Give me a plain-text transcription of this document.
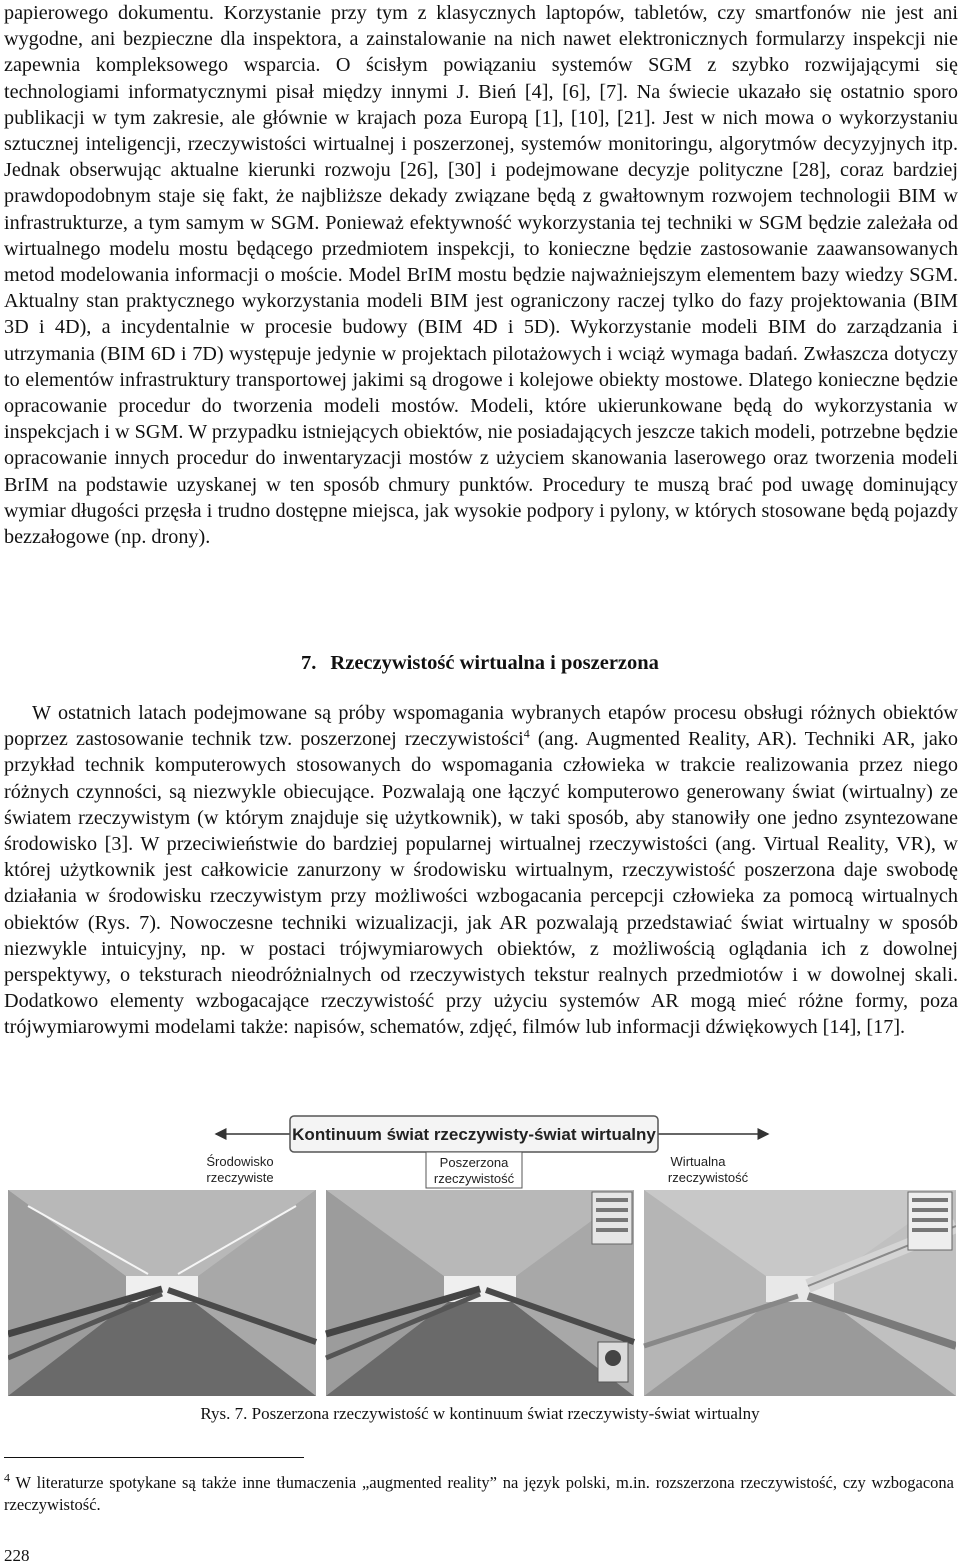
papierowego dokumentu. Korzystanie przy tym z klasycznych laptopów, tabletów, czy smartfonów nie jest ani wygodne, ani bezpieczne dla inspektora, a zainstalowanie na nich nawet elektronicznych formularzy inspekcji nie zapewnia kompleksowego wsparcia. O ścisłym powiązaniu systemów SGM z szybko rozwijającymi się technologiami informatycznymi pisał między innymi J. Bień [4], [6], [7]. Na świecie ukazało się ostatnio sporo publikacji w tym zakresie, ale głównie w krajach poza Europą [1], [10], [21]. Jest w nich mowa o wykorzystaniu sztucznej inteligencji, rzeczywistości wirtualnej i poszerzonej, systemów monitoringu, algorytmów decyzyjnych itp. Jednak obserwując aktualne kierunki rozwoju [26], [30] i podejmowane decyzje polityczne [28], coraz bardziej prawdopodobnym staje się fakt, że najbliższe dekady związane będą z gwałtownym rozwojem technologii BIM w infrastrukturze, a tym samym w SGM. Ponieważ efektywność wykorzystania tej techniki w SGM będzie zależała od wirtualnego modelu mostu będącego przedmiotem inspekcji, to konieczne będzie zastosowanie zaawansowanych metod modelowania informacji o moście. Model BrIM mostu będzie najważniejszym elementem bazy wiedzy SGM. Aktualny stan praktycznego wykorzystania modeli BIM jest ograniczony raczej tylko do fazy projektowania (BIM 3D i 4D), a incydentalnie w procesie budowy (BIM 4D i 5D). Wykorzystanie modeli BIM do zarządzania i utrzymania (BIM 6D i 7D) występuje jedynie w projektach pilotażowych i wciąż wymaga badań. Zwłaszcza dotyczy to elementów infrastruktury transportowej jakimi są drogowe i kolejowe obiekty mostowe. Dlatego konieczne będzie opracowanie procedur do tworzenia modeli mostów. Modeli, które ukierunkowane będą do wykorzystania w inspekcjach i w SGM. W przypadku istniejących obiektów, nie posiadających jeszcze takich modeli, potrzebne będzie opracowanie innych procedur do inwentaryzacji mostów z użyciem skanowania laserowego oraz tworzenia modeli BrIM na podstawie uzyskanej w ten sposób chmury punktów. Procedury te muszą brać pod uwagę dominujący wymiar długości przęsła i trudno dostępne miejsca, jak wysokie podpory i pylony, w których stosowane będą pojazdy bezzałogowe (np. drony).

7. Rzeczywistość wirtualna i poszerzona

W ostatnich latach podejmowane są próby wspomagania wybranych etapów procesu obsługi różnych obiektów poprzez zastosowanie technik tzw. poszerzonej rzeczywistości$^4$ (ang. Augmented Reality, AR). Techniki AR, jako przykład technik komputerowych stosowanych do wspomagania człowieka w trakcie realizowania przez niego różnych czynności, są niezwykle obiecujące. Pozwalają one łączyć komputerowo generowany świat (wirtualny) ze światem rzeczywistym (w którym znajduje się użytkownik), w taki sposób, aby stanowiły one jedno zsyntezowane środowisko [3]. W przeciwieństwie do bardziej popularnej wirtualnej rzeczywistości (ang. Virtual Reality, VR), w której użytkownik jest całkowicie zanurzony w środowisku wirtualnym, rzeczywistość poszerzona daje swobodę działania w środowisku rzeczywistym przy możliwości wzbogacania percepcji człowieka za pomocą wirtualnych obiektów (Rys. 7). Nowoczesne techniki wizualizacji, jak AR pozwalają przedstawiać świat wirtualny w sposób niezwykle intuicyjny, np. w postaci trójwymiarowych obiektów, z możliwością oglądania ich z dowolnej perspektywy, o teksturach nieodróżnialnych od rzeczywistych tekstur realnych przedmiotów i w dowolnej skali. Dodatkowo elementy wzbogacające rzeczywistość przy użyciu systemów AR mogą mieć różne formy, poza trójwymiarowymi modelami także: napisów, schematów, zdjęć, filmów lub informacji dźwiękowych [14], [17].

Kontinuum świat rzeczywisty-świat wirtualny
Środowisko
rzeczywiste
Poszerzona
rzeczywistość
Wirtualna
rzeczywistość
Rys. 7. Poszerzona rzeczywistość w kontinuum świat rzeczywisty-świat wirtualny

$^4$ W literaturze spotykane są także inne tłumaczenia „augmented reality” na język polski, m.in. rozszerzona rzeczywistość, czy wzbogacona rzeczywistość.

228
